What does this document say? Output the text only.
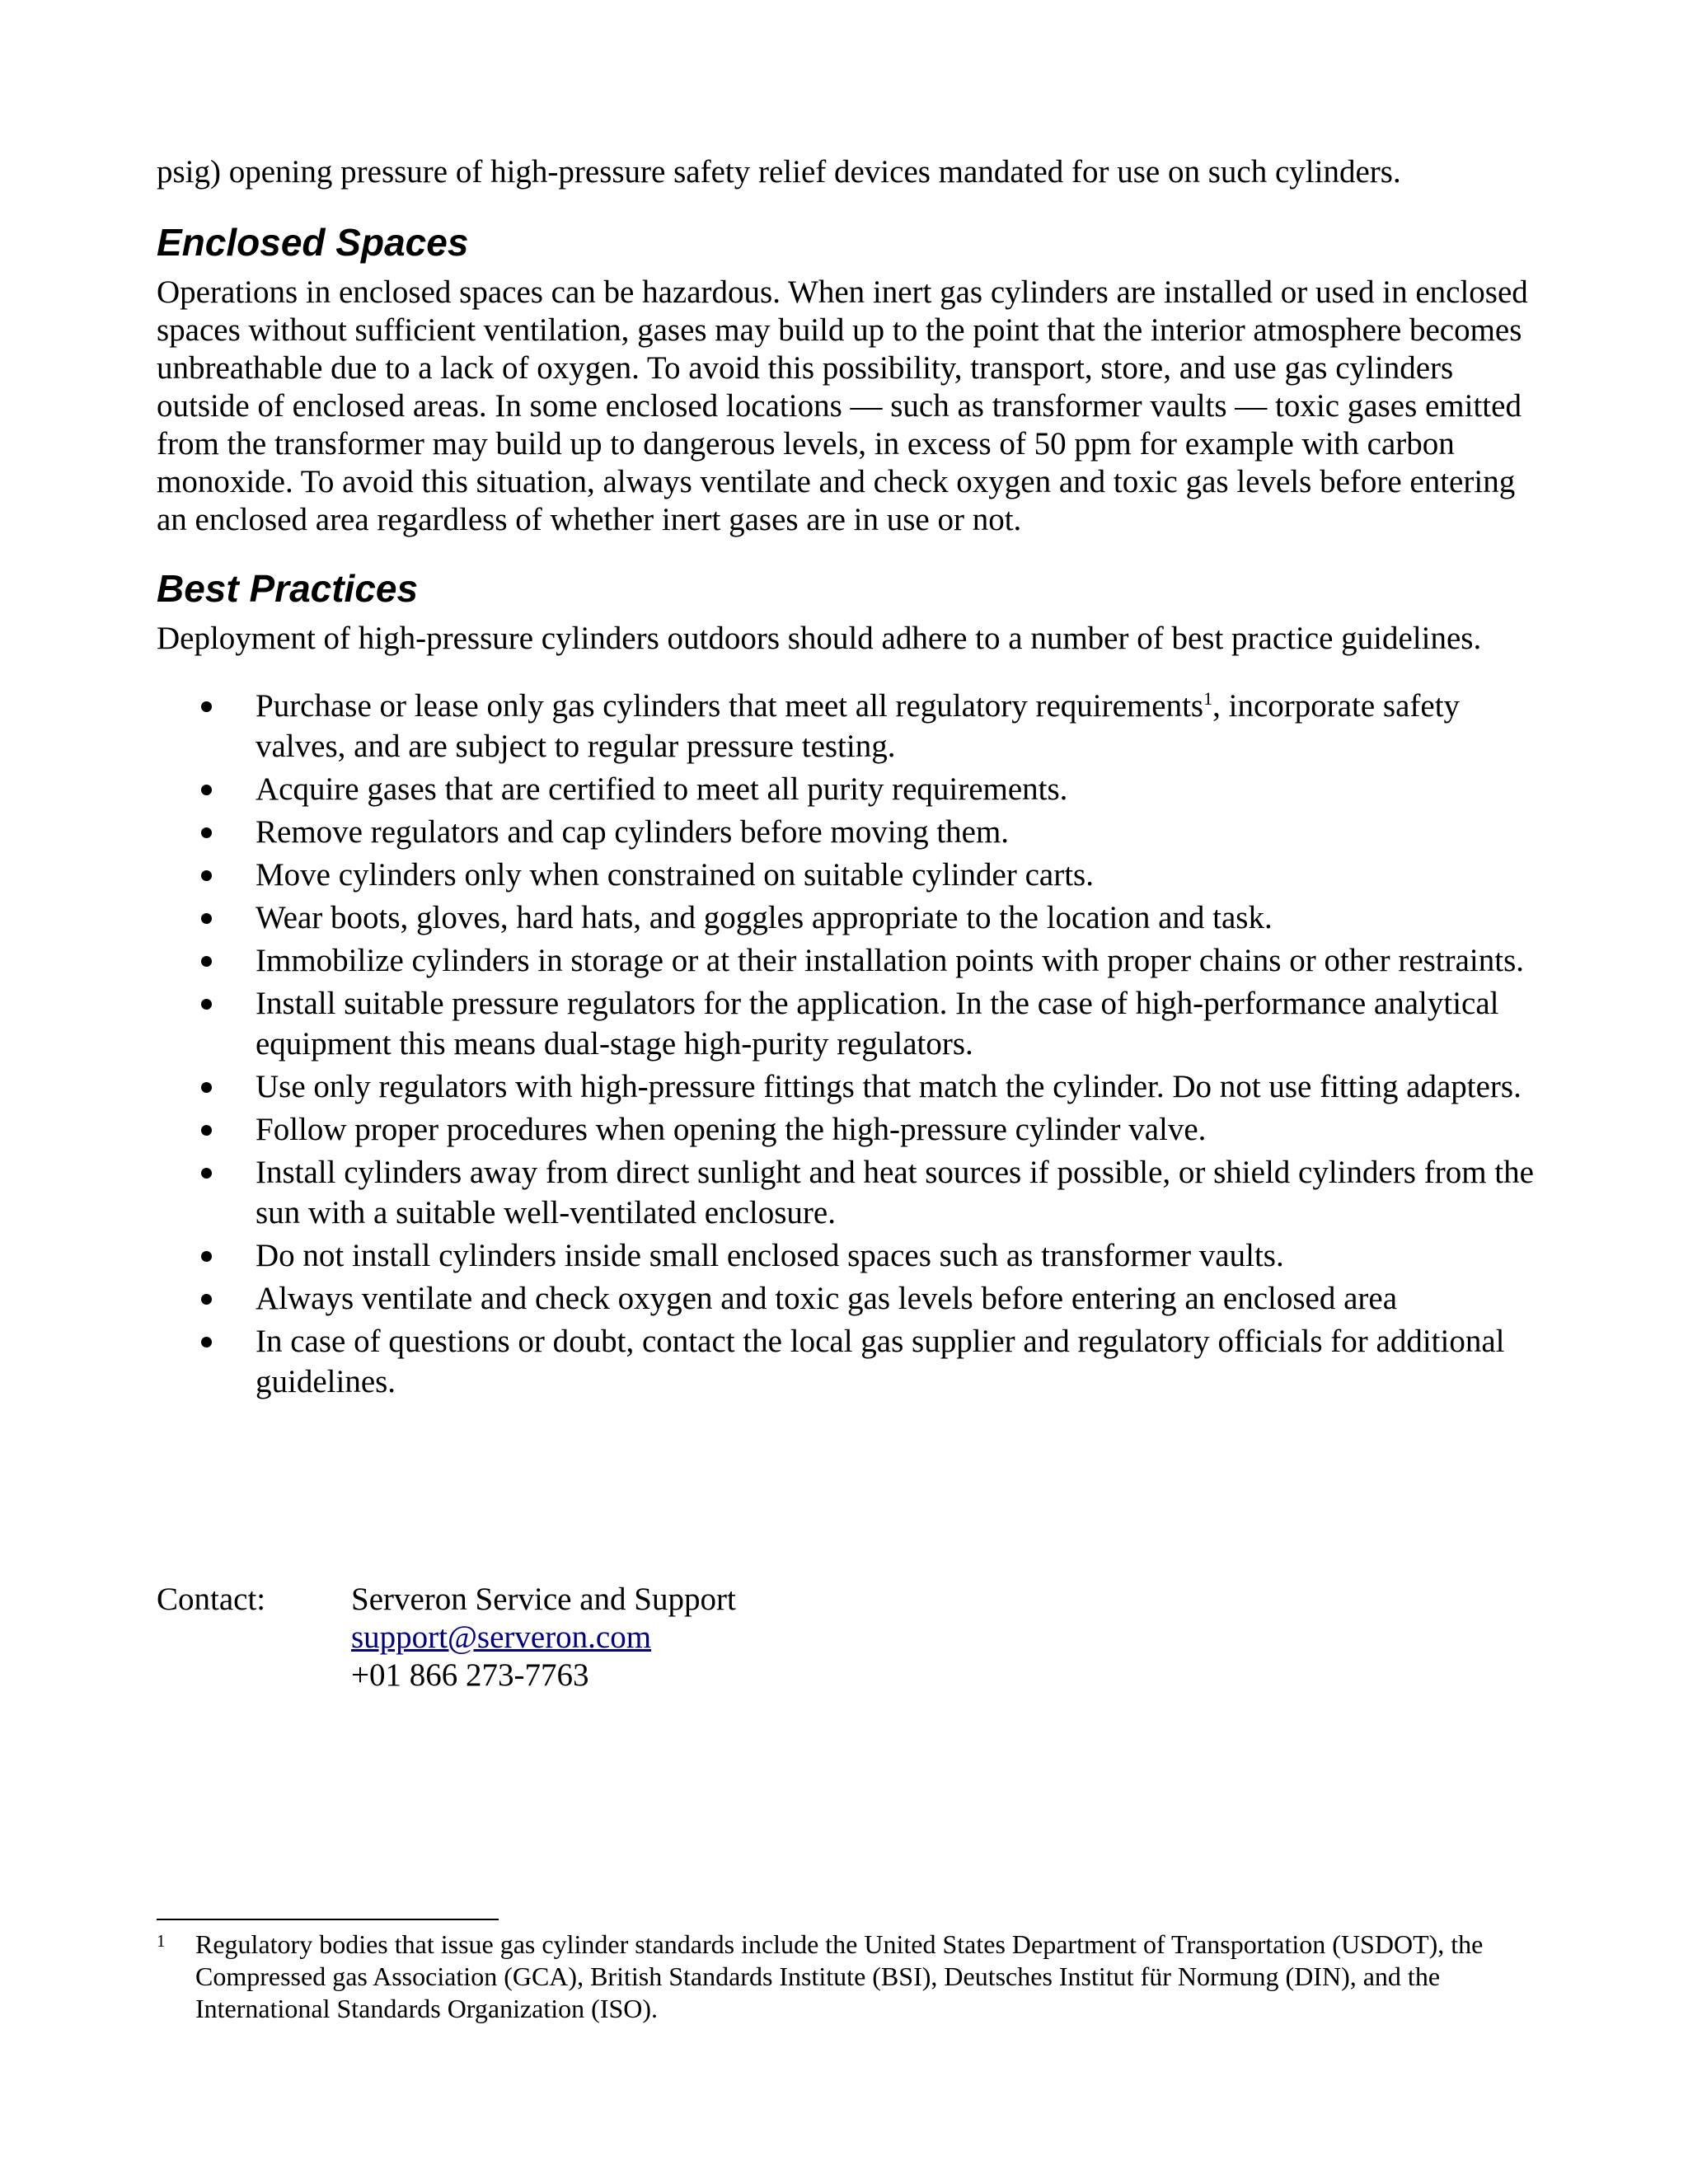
psig) opening pressure of high-pressure safety relief devices mandated for use on such cylinders.

Enclosed Spaces

Operations in enclosed spaces can be hazardous. When inert gas cylinders are installed or used in enclosed spaces without sufficient ventilation, gases may build up to the point that the interior atmosphere becomes unbreathable due to a lack of oxygen. To avoid this possibility, transport, store, and use gas cylinders outside of enclosed areas. In some enclosed locations — such as transformer vaults — toxic gases emitted from the transformer may build up to dangerous levels, in excess of 50 ppm for example with carbon monoxide. To avoid this situation, always ventilate and check oxygen and toxic gas levels before entering an enclosed area regardless of whether inert gases are in use or not.

Best Practices

Deployment of high-pressure cylinders outdoors should adhere to a number of best practice guidelines.

Purchase or lease only gas cylinders that meet all regulatory requirements$^1$, incorporate safety valves, and are subject to regular pressure testing.
Acquire gases that are certified to meet all purity requirements.
Remove regulators and cap cylinders before moving them.
Move cylinders only when constrained on suitable cylinder carts.
Wear boots, gloves, hard hats, and goggles appropriate to the location and task.
Immobilize cylinders in storage or at their installation points with proper chains or other restraints.
Install suitable pressure regulators for the application. In the case of high-performance analytical equipment this means dual-stage high-purity regulators.
Use only regulators with high-pressure fittings that match the cylinder. Do not use fitting adapters.
Follow proper procedures when opening the high-pressure cylinder valve.
Install cylinders away from direct sunlight and heat sources if possible, or shield cylinders from the sun with a suitable well-ventilated enclosure.
Do not install cylinders inside small enclosed spaces such as transformer vaults.
Always ventilate and check oxygen and toxic gas levels before entering an enclosed area
In case of questions or doubt, contact the local gas supplier and regulatory officials for additional guidelines.
Contact:	Serveron Service and Support
support@serveron.com
+01 866 273-7763
1 Regulatory bodies that issue gas cylinder standards include the United States Department of Transportation (USDOT), the Compressed gas Association (GCA), British Standards Institute (BSI), Deutsches Institut für Normung (DIN), and the International Standards Organization (ISO).
